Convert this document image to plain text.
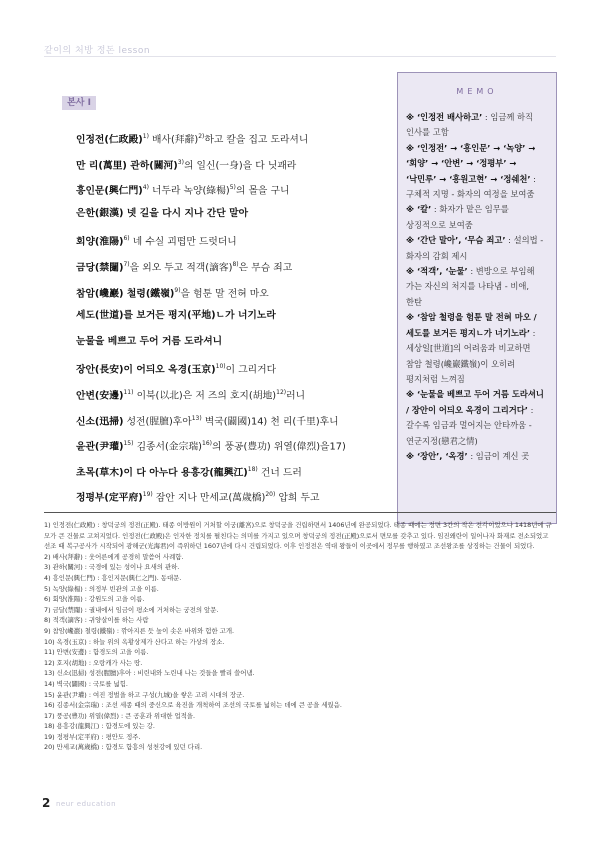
같이의 처방 정돈 lesson
본사 I
인정전(仁政殿)$^{1)}$ 배사(拜辭)$^{2)}$하고 칼을 집고 도라셔니
만 리(萬里) 관하(關河)$^{3)}$의 일신(一身)을 다 닛괘라
흥인문(興仁門)$^{4)}$ 너두라 녹양(綠楊)$^{5)}$의 몰을 구니
은한(銀漢) 넷 길을 다시 지나 간단 말아
회양(淮陽)$^{6)}$ 네 수실 괴떱만 드럿더니
금당(禁闥)$^{7)}$을 외오 두고 적객(謫客)$^{8)}$은 무슴 죄고
참암(巉巖) 철령(鐵嶺)$^{9)}$을 험툰 말 전혀 마오
세도(世道)를 보거든 평지(平地)ㄴ가 너기노라
눈물을 베쁘고 두어 거름 도라셔니
장안(長安)이 어듸오 옥경(玉京)$^{10)}$이 그리거다
안변(安邊)$^{11)}$ 이북(以北)은 저 즈의 호지(胡地)$^{12)}$러니
신소(迅掃) 성전(腥膻)후아$^{13)}$ 벽국(闢國)14) 천 리(千里)후니
윤관(尹瓘)$^{15)}$ 김종서(金宗瑞)$^{16)}$의 풍공(豊功) 위열(偉烈)을17)
초목(草木)이 다 아누다 용흥강(龍興江)$^{18)}$ 건너 드러
정평부(定平府)$^{19)}$ 잠안 지나 만세교(萬歲橋)$^{20)}$ 압희 두고
MEMO

※ ‘인정전 배사하고’ : 임금께 하직 인사를 고함

※ ‘인정전’ → ‘흥인문’ → ‘녹양’ → ‘회양’ → ‘안변’ → ‘정평부’ → ‘낙민루’ → ‘흥원고현’ → ‘정쉐천’ : 구체적 지명 - 화자의 여정을 보여줌

※ ‘칼’ : 화자가 맡은 임무를 상징적으로 보여줌

※ ‘간단 말아’, ‘무슴 죄고’ : 설의법 - 화자의 감회 제시

※ ‘적객’, ‘눈물’ : 변방으로 부임해 가는 자신의 처지를 나타냄 - 비애, 한탄

※ ‘참암 철령을 험툰 말 전혀 마오 / 세도를 보거든 평지ㄴ가 너기노라’ : 세상일[世道]의 어려움과 비교하면 참암 철령(巉巖鐵嶺)이 오히려 평지처럼 느껴짐

※ ‘눈물을 베쁘고 두어 거름 도라셔니 / 장안이 어듸오 옥경이 그리거다’ : 갈수록 임금과 멀어지는 안타까움 - 연군지정(戀君之情)

※ ‘장안’, ‘옥경’ : 임금이 계신 곳

1) 인정전(仁政殿) : 창덕궁의 정전(正殿). 태종 이방원이 거처할 이궁(離宮)으로 창덕궁을 건립하면서 1406년에 완공되었다. 태종 때에는 정면 3칸의 작은 전각이었으나 1418년에 규모가 큰 건물로 고쳐지었다. 인정전(仁政殿)은 인자한 정치를 펼친다는 의미를 가지고 있으며 창덕궁의 정전(正殿)으로서 면모를 갖추고 있다. 임진왜란이 일어나자 화재로 전소되었고 선조 때 복구공사가 시작되어 광해군(光海君)이 즉위하던 1607년에 다시 건립되었다. 이후 인정전은 역대 왕들이 이곳에서 정무를 행하였고 조선왕조를 상징하는 건물이 되었다.
2) 배사(拜辭) : 웃어른에게 공경히 말씀어 사례함.
3) 관하(關河) : 국경에 있는 성이나 요새의 관하.
4) 흥인문(興仁門) : 흥인지문(興仁之門). 동대문.
5) 녹양(綠楊) : 의정부 빈관의 고을 이름.
6) 회양(淮陽) : 강원도의 고을 이름.
7) 금달(禁闥) : 궐내에서 임금이 평소에 거처하는 궁전의 앞문.
8) 적객(謫客) : 귀양살이를 하는 사람
9) 참암(巉巖) 철령(鐵嶺) : 깎아지른 듯 높이 솟은 바위와 험한 고개.
10) 옥경(玉京) : 하늘 위의 옥황상제가 산다고 하는 가상의 장소.
11) 안변(安邊) : 함경도의 고을 이름.
12) 호지(胡地) : 오랑캐가 사는 땅.
13) 신소(迅掃) 성전(腥膻)후아 : 비린내와 노린내 나는 것들을 빨리 쓸어냄.
14) 벽국(闢國) : 국토를 넓힘.
15) 윤관(尹瓘) : 여진 정벌을 하고 구성(九城)을 쌓은 고려 시대의 장군.
16) 김종서(金宗瑞) : 조선 세종 때의 중신으로 육진을 개척하여 조선의 국토를 넓히는 데에 큰 공을 세웠음.
17) 풍공(豊功) 위열(偉烈) : 큰 공훈과 위대한 업적을.
18) 용흥강(龍興江) : 함경도에 있는 강.
19) 정평부(定平府) : 평안도 정주.
20) 만세교(萬歲橋) : 함경도 함흥의 성천강에 있던 다리.
2 neur education
